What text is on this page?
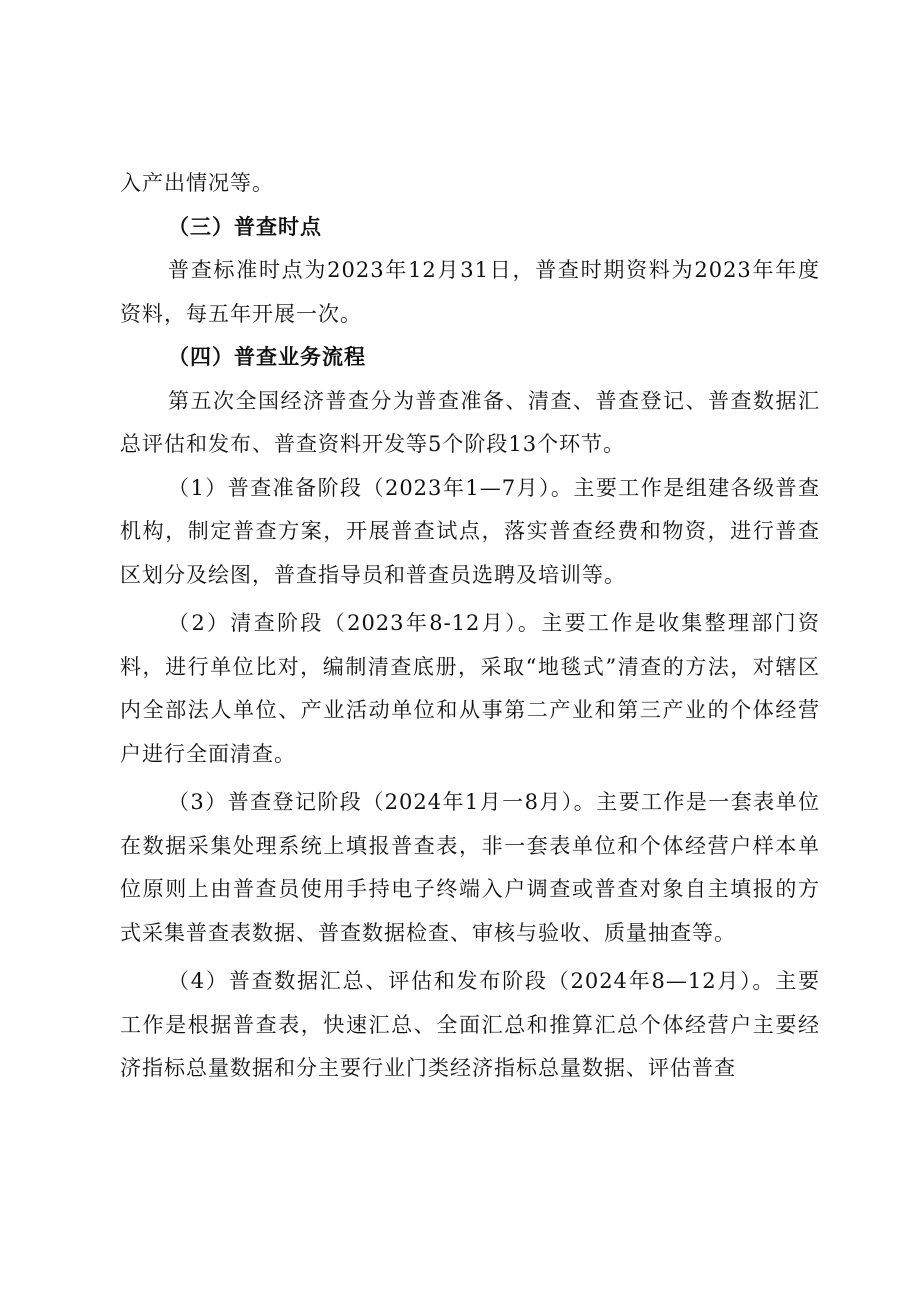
入产出情况等。

（三）普查时点

普查标准时点为2023年12月31日，普查时期资料为2023年年度资料，每五年开展一次。

（四）普查业务流程

第五次全国经济普查分为普查准备、清查、普查登记、普查数据汇总评估和发布、普查资料开发等5个阶段13个环节。

（1）普查准备阶段（2023年1—7月）。主要工作是组建各级普查机构，制定普查方案，开展普查试点，落实普查经费和物资，进行普查区划分及绘图，普查指导员和普查员选聘及培训等。

（2）清查阶段（2023年8-12月）。主要工作是收集整理部门资料，进行单位比对，编制清查底册，采取“地毯式”清查的方法，对辖区内全部法人单位、产业活动单位和从事第二产业和第三产业的个体经营户进行全面清查。

（3）普查登记阶段（2024年1月一8月）。主要工作是一套表单位在数据采集处理系统上填报普查表，非一套表单位和个体经营户样本单位原则上由普查员使用手持电子终端入户调查或普查对象自主填报的方式采集普查表数据、普查数据检查、审核与验收、质量抽查等。

（4）普查数据汇总、评估和发布阶段（2024年8—12月）。主要工作是根据普查表，快速汇总、全面汇总和推算汇总个体经营户主要经济指标总量数据和分主要行业门类经济指标总量数据、评估普查
